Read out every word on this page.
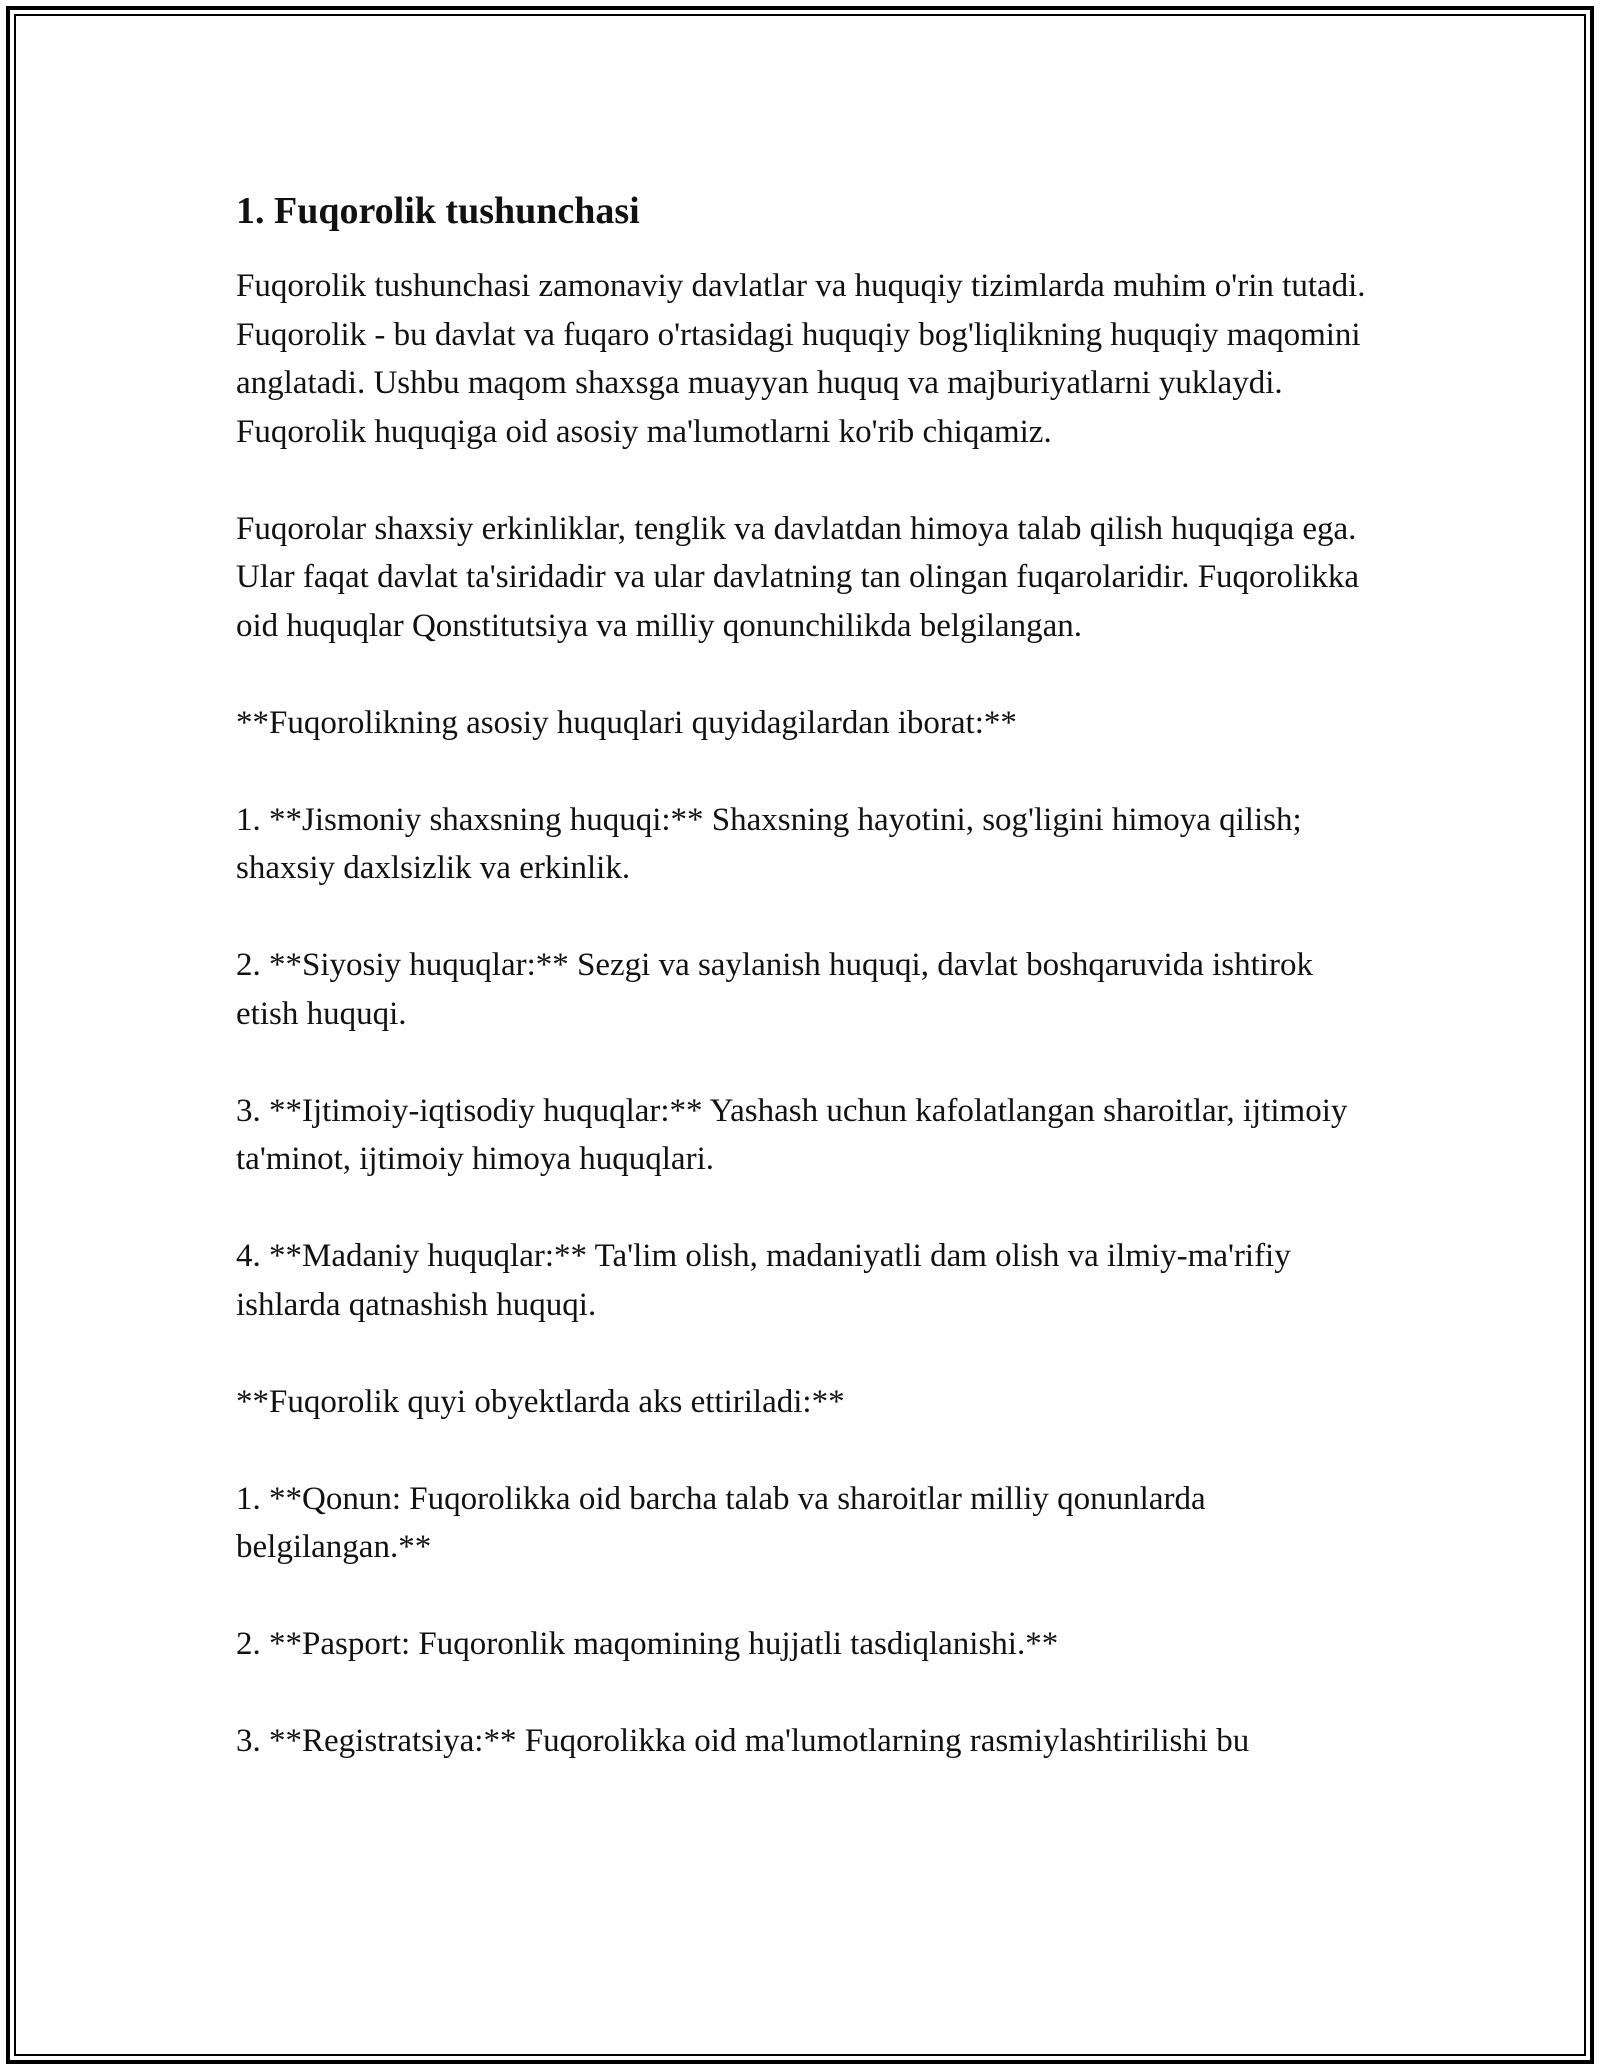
1. Fuqorolik tushunchasi

Fuqorolik tushunchasi zamonaviy davlatlar va huquqiy tizimlarda muhim o'rin tutadi. Fuqorolik - bu davlat va fuqaro o'rtasidagi huquqiy bog'liqlikning huquqiy maqomini anglatadi. Ushbu maqom shaxsga muayyan huquq va majburiyatlarni yuklaydi. Fuqorolik huquqiga oid asosiy ma'lumotlarni ko'rib chiqamiz.

Fuqorolar shaxsiy erkinliklar, tenglik va davlatdan himoya talab qilish huquqiga ega. Ular faqat davlat ta'siridadir va ular davlatning tan olingan fuqarolaridir. Fuqorolikka oid huquqlar Qonstitutsiya va milliy qonunchilikda belgilangan.

**Fuqorolikning asosiy huquqlari quyidagilardan iborat:**

1. **Jismoniy shaxsning huquqi:** Shaxsning hayotini, sog'ligini himoya qilish; shaxsiy daxlsizlik va erkinlik.

2. **Siyosiy huquqlar:** Sezgi va saylanish huquqi, davlat boshqaruvida ishtirok etish huquqi.

3. **Ijtimoiy-iqtisodiy huquqlar:** Yashash uchun kafolatlangan sharoitlar, ijtimoiy ta'minot, ijtimoiy himoya huquqlari.

4. **Madaniy huquqlar:** Ta'lim olish, madaniyatli dam olish va ilmiy-ma'rifiy ishlarda qatnashish huquqi.

**Fuqorolik quyi obyektlarda aks ettiriladi:**

1. **Qonun: Fuqorolikka oid barcha talab va sharoitlar milliy qonunlarda belgilangan.**

2. **Pasport: Fuqoronlik maqomining hujjatli tasdiqlanishi.**

3. **Registratsiya:** Fuqorolikka oid ma'lumotlarning rasmiylashtirilishi bu
